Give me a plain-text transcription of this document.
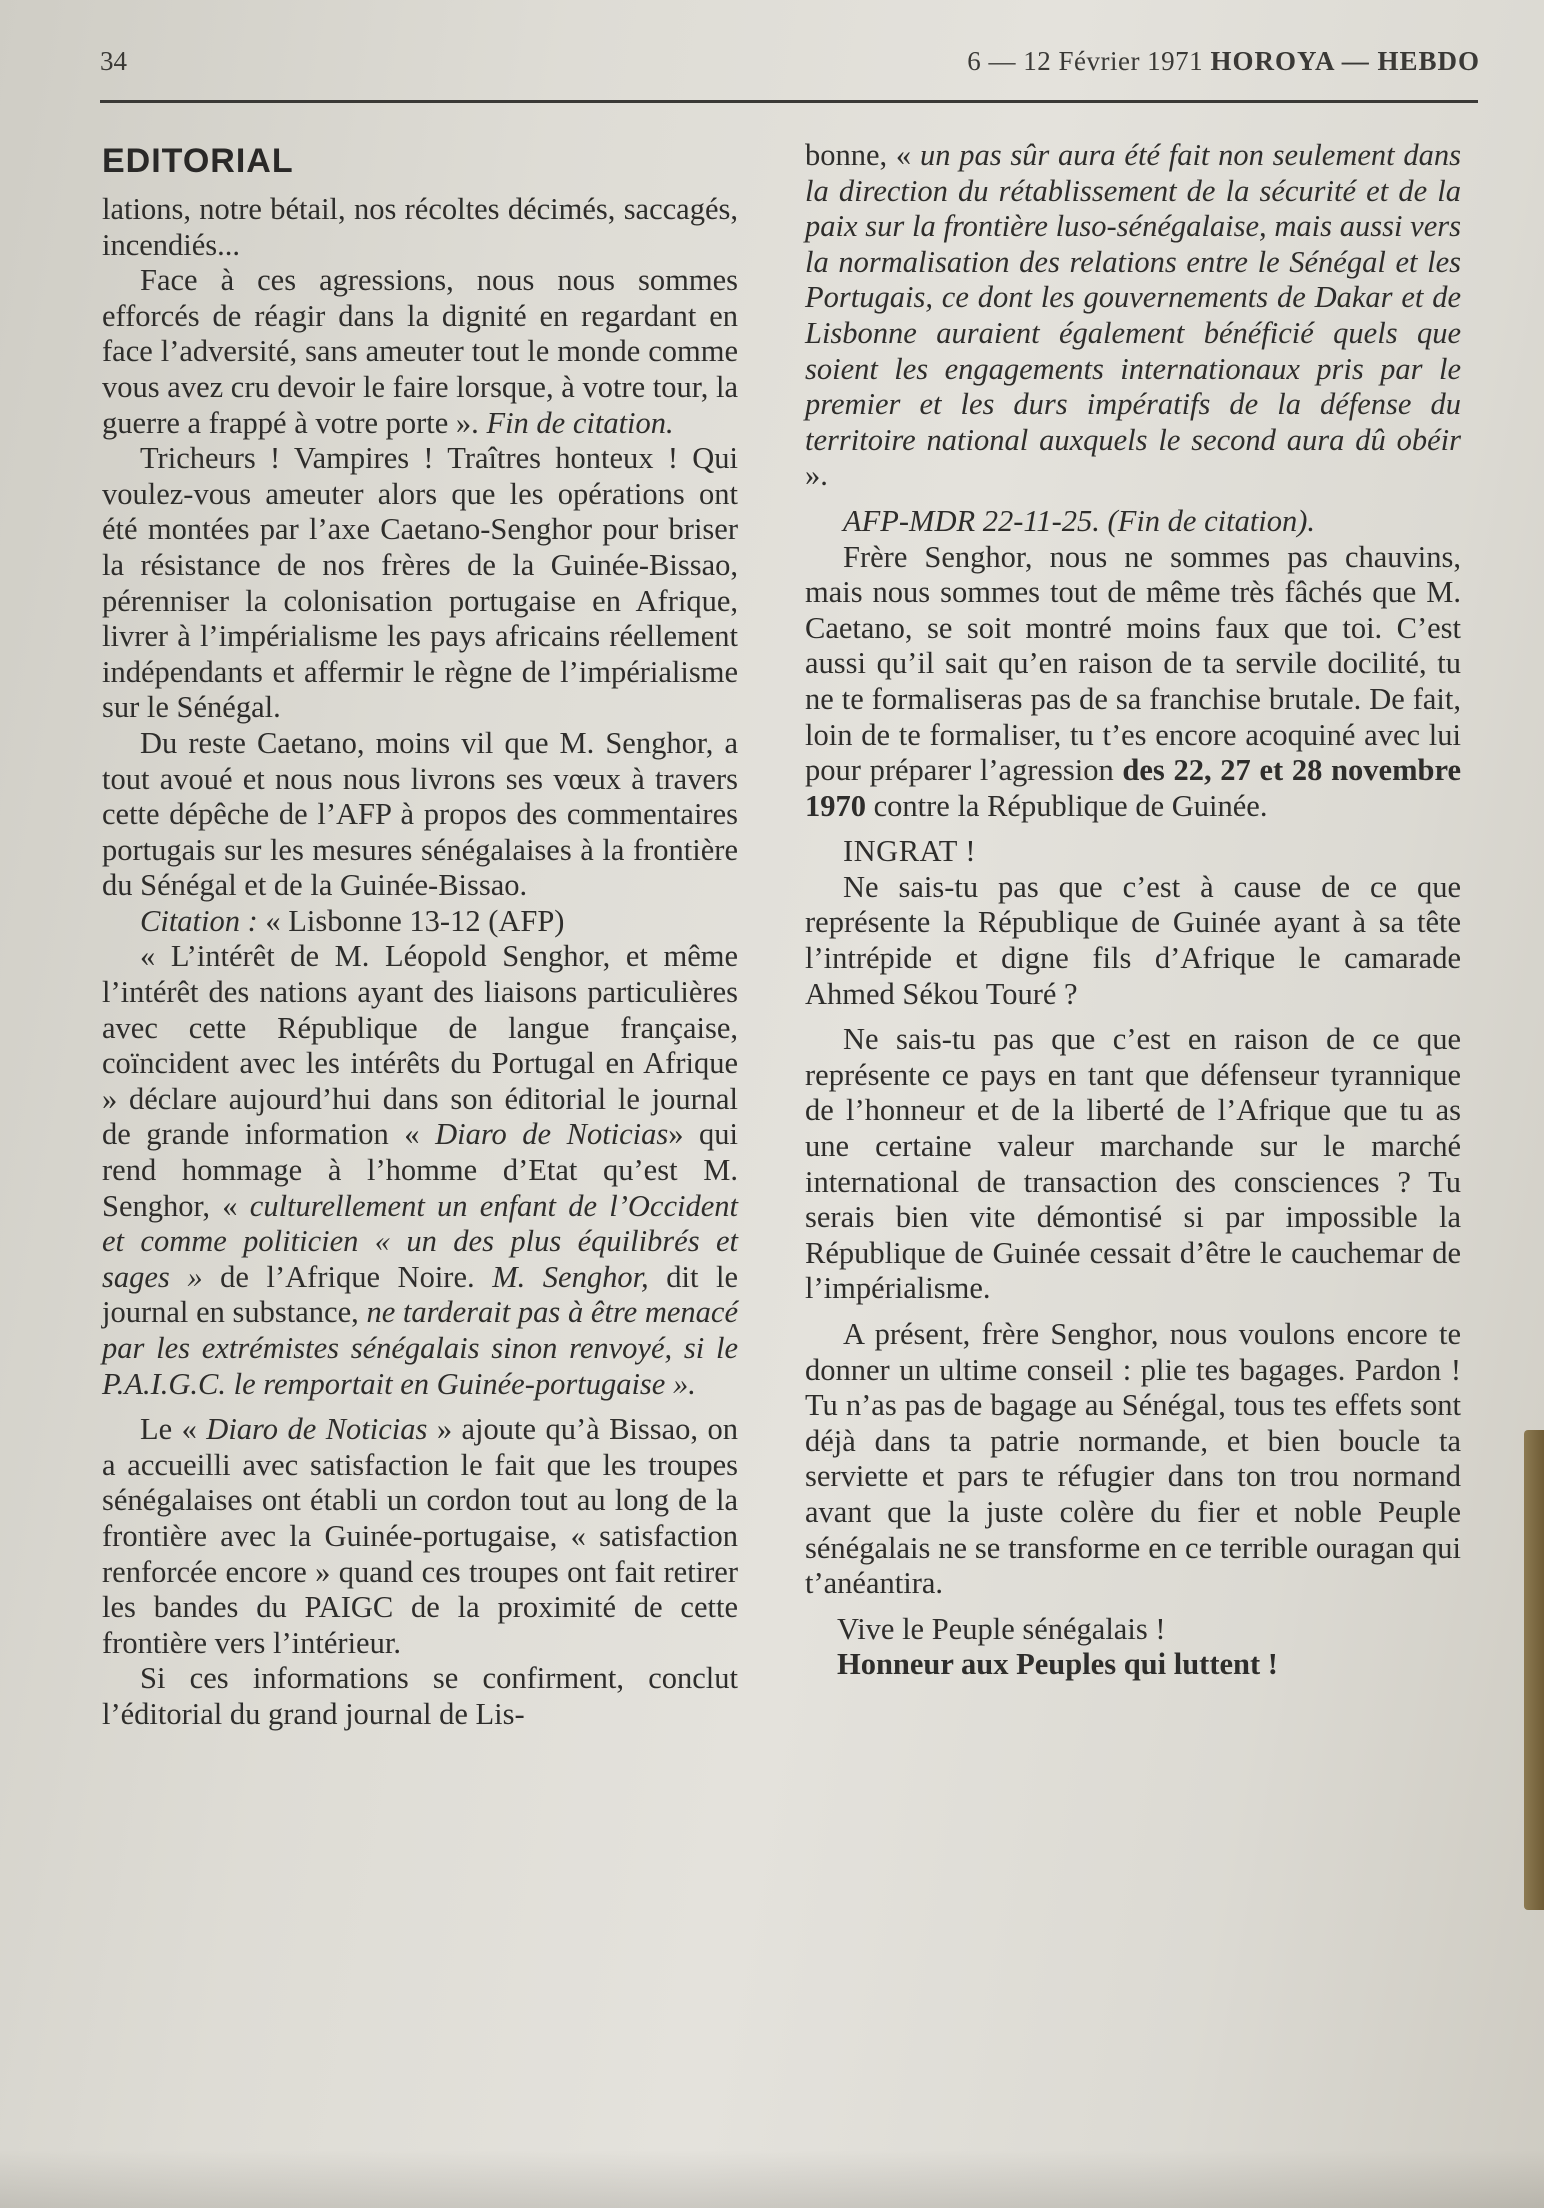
34	6 — 12 Février 1971 HOROYA — HEBDO
EDITORIAL

lations, notre bétail, nos récoltes décimés, saccagés, incendiés...

Face à ces agressions, nous nous sommes efforcés de réagir dans la dignité en regardant en face l’adversité, sans ameuter tout le monde comme vous avez cru devoir le faire lorsque, à votre tour, la guerre a frappé à votre porte ». Fin de citation.

Tricheurs ! Vampires ! Traîtres honteux ! Qui voulez-vous ameuter alors que les opérations ont été montées par l’axe Caetano-Senghor pour briser la résistance de nos frères de la Guinée-Bissao, pérenniser la colonisation portugaise en Afrique, livrer à l’impérialisme les pays africains réellement indépendants et affermir le règne de l’impérialisme sur le Sénégal.

Du reste Caetano, moins vil que M. Senghor, a tout avoué et nous nous livrons ses vœux à travers cette dépêche de l’AFP à propos des commentaires portugais sur les mesures sénégalaises à la frontière du Sénégal et de la Guinée-Bissao.

Citation : « Lisbonne 13-12 (AFP)

« L’intérêt de M. Léopold Senghor, et même l’intérêt des nations ayant des liaisons particulières avec cette République de langue française, coïncident avec les intérêts du Portugal en Afrique » déclare aujourd’hui dans son éditorial le journal de grande information « Diaro de Noticias» qui rend hommage à l’homme d’Etat qu’est M. Senghor, « culturellement un enfant de l’Occident et comme politicien « un des plus équilibrés et sages » de l’Afrique Noire. M. Senghor, dit le journal en substance, ne tarderait pas à être menacé par les extrémistes sénégalais sinon renvoyé, si le P.A.I.G.C. le remportait en Guinée-portugaise ».

Le « Diaro de Noticias » ajoute qu’à Bissao, on a accueilli avec satisfaction le fait que les troupes sénégalaises ont établi un cordon tout au long de la frontière avec la Guinée-portugaise, « satisfaction renforcée encore » quand ces troupes ont fait retirer les bandes du PAIGC de la proximité de cette frontière vers l’intérieur.

Si ces informations se confirment, conclut l’éditorial du grand journal de Lis-

bonne, « un pas sûr aura été fait non seulement dans la direction du rétablissement de la sécurité et de la paix sur la frontière luso-sénégalaise, mais aussi vers la normalisation des relations entre le Sénégal et les Portugais, ce dont les gouvernements de Dakar et de Lisbonne auraient également bénéficié quels que soient les engagements internationaux pris par le premier et les durs impératifs de la défense du territoire national auxquels le second aura dû obéir ».

AFP-MDR 22-11-25. (Fin de citation).

Frère Senghor, nous ne sommes pas chauvins, mais nous sommes tout de même très fâchés que M. Caetano, se soit montré moins faux que toi. C’est aussi qu’il sait qu’en raison de ta servile docilité, tu ne te formaliseras pas de sa franchise brutale. De fait, loin de te formaliser, tu t’es encore acoquiné avec lui pour préparer l’agression des 22, 27 et 28 novembre 1970 contre la République de Guinée.

INGRAT !

Ne sais-tu pas que c’est à cause de ce que représente la République de Guinée ayant à sa tête l’intrépide et digne fils d’Afrique le camarade Ahmed Sékou Touré ?

Ne sais-tu pas que c’est en raison de ce que représente ce pays en tant que défenseur tyrannique de l’honneur et de la liberté de l’Afrique que tu as une certaine valeur marchande sur le marché international de transaction des consciences ? Tu serais bien vite démontisé si par impossible la République de Guinée cessait d’être le cauchemar de l’impérialisme.

A présent, frère Senghor, nous voulons encore te donner un ultime conseil : plie tes bagages. Pardon ! Tu n’as pas de bagage au Sénégal, tous tes effets sont déjà dans ta patrie normande, et bien boucle ta serviette et pars te réfugier dans ton trou normand avant que la juste colère du fier et noble Peuple sénégalais ne se transforme en ce terrible ouragan qui t’anéantira.

Vive le Peuple sénégalais !

Honneur aux Peuples qui luttent !
